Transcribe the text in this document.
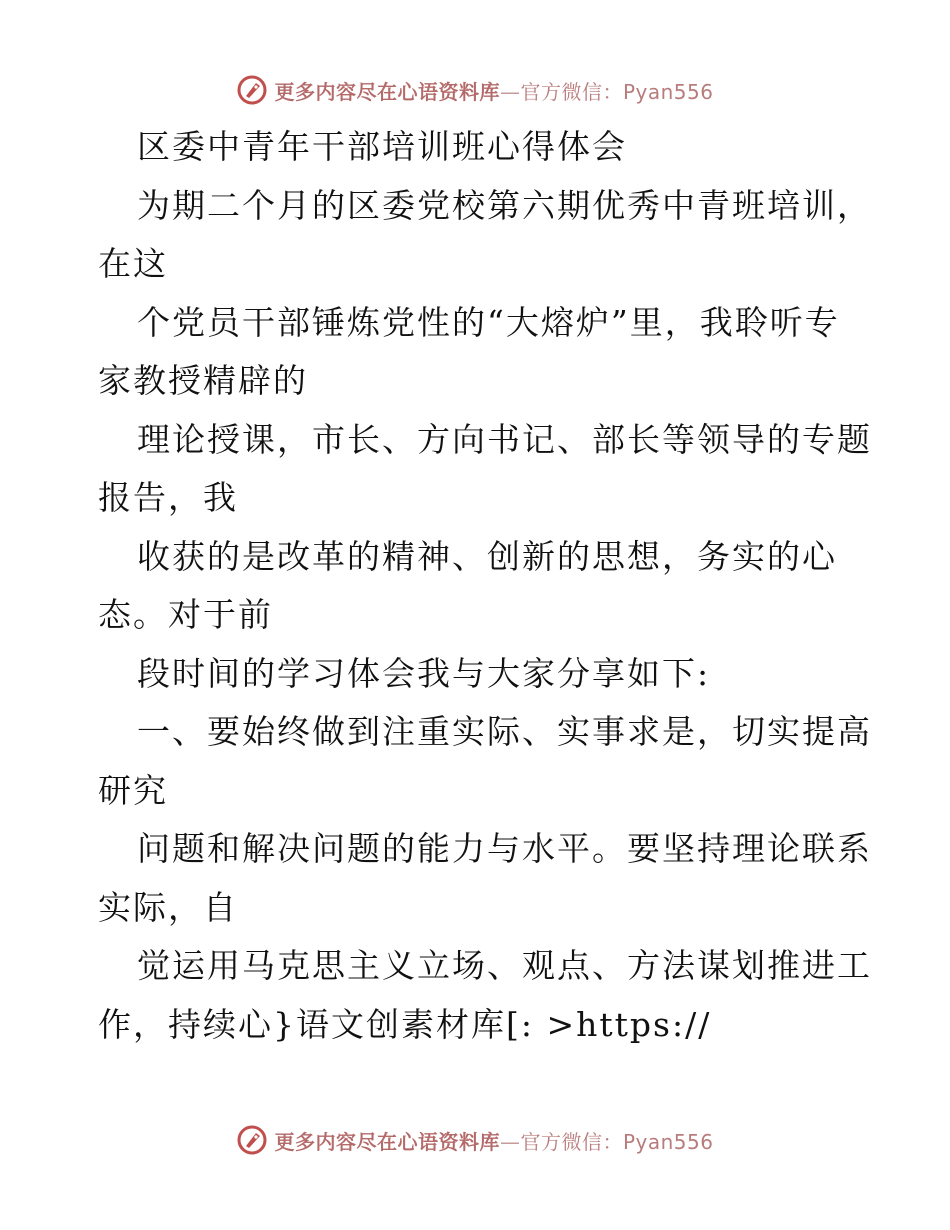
更多内容尽在心语资料库—官方微信：Pyan556
区委中青年干部培训班心得体会
为期二个月的区委党校第六期优秀中青班培训，
在这
个党员干部锤炼党性的“大熔炉”里，我聆听专
家教授精辟的
理论授课，市长、方向书记、部长等领导的专题
报告，我
收获的是改革的精神、创新的思想，务实的心
态。对于前
段时间的学习体会我与大家分享如下:
一、要始终做到注重实际、实事求是，切实提高
研究
问题和解决问题的能力与水平。要坚持理论联系
实际，自
觉运用马克思主义立场、观点、方法谋划推进工
作，持续心}语文创素材库[: >https://
更多内容尽在心语资料库—官方微信：Pyan556
